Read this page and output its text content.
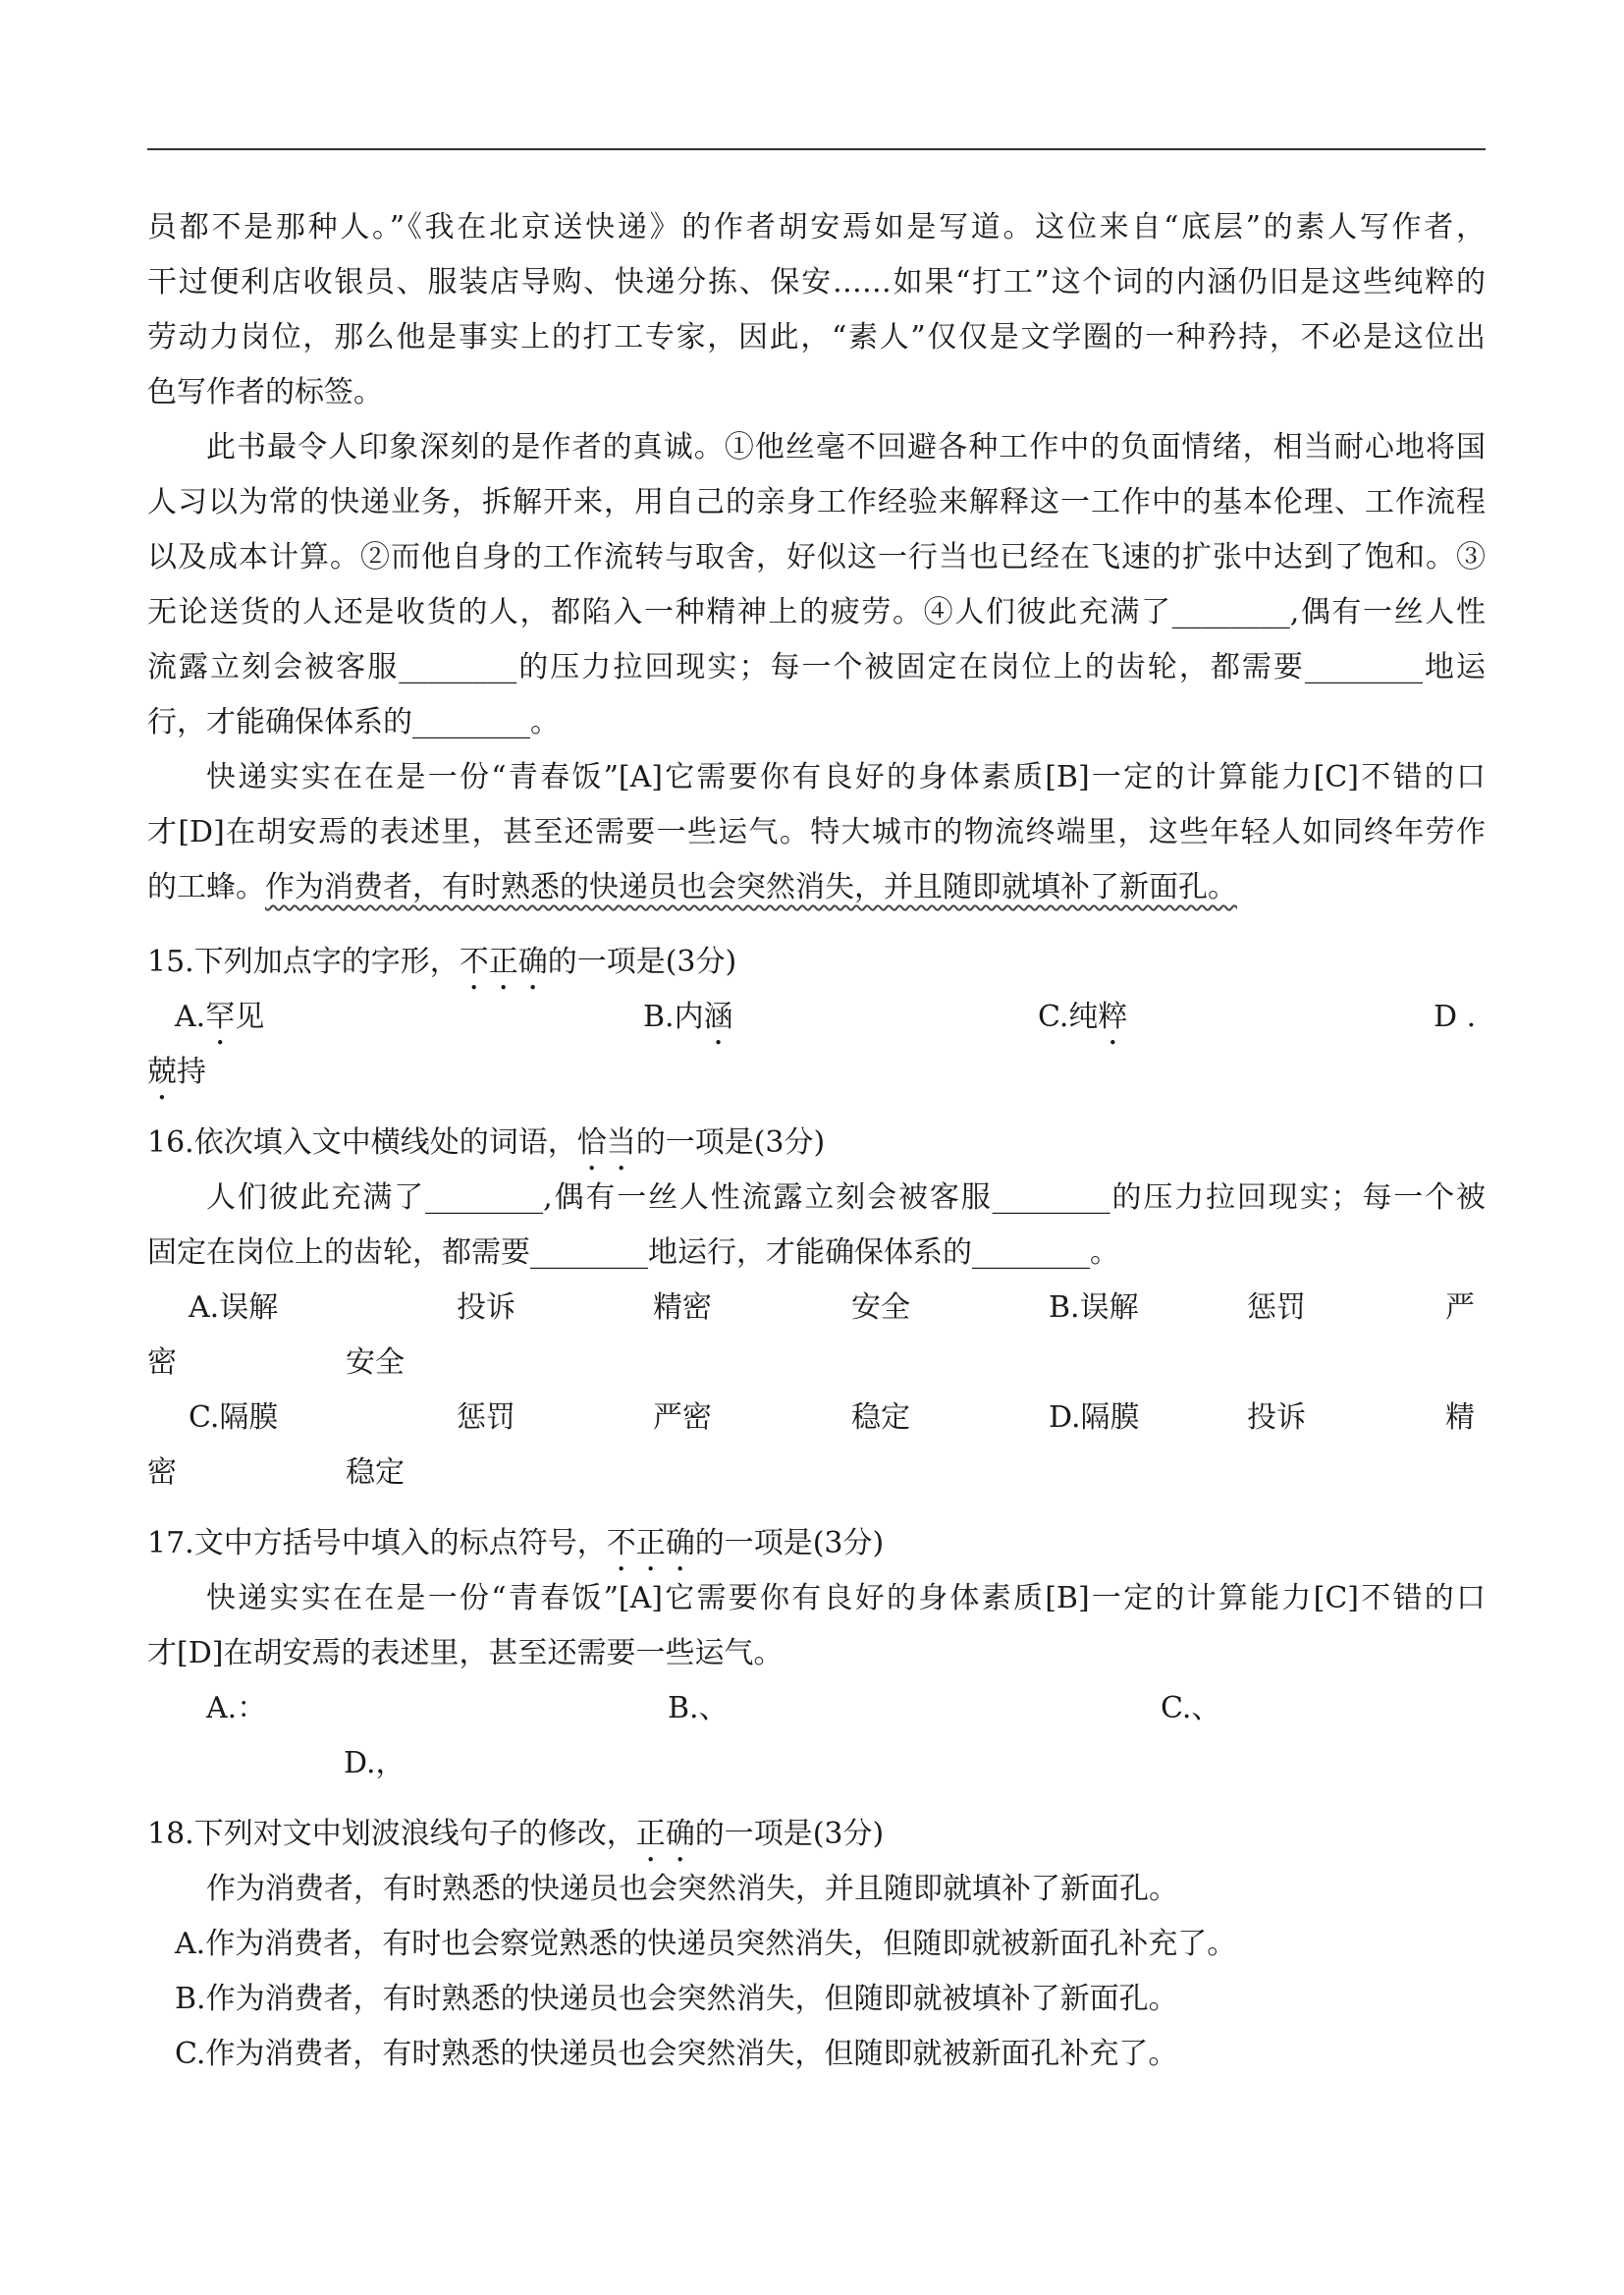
员都不是那种人。”《我在北京送快递》的作者胡安焉如是写道。这位来自“底层”的素人写作者，
干过便利店收银员、服装店导购、快递分拣、保安……如果“打工”这个词的内涵仍旧是这些纯粹的
劳动力岗位，那么他是事实上的打工专家，因此，“素人”仅仅是文学圈的一种矜持，不必是这位出
色写作者的标签。
此书最令人印象深刻的是作者的真诚。①他丝毫不回避各种工作中的负面情绪，相当耐心地将国
人习以为常的快递业务，拆解开来，用自己的亲身工作经验来解释这一工作中的基本伦理、工作流程
以及成本计算。②而他自身的工作流转与取舍，好似这一行当也已经在飞速的扩张中达到了饱和。③
无论送货的人还是收货的人，都陷入一种精神上的疲劳。④人们彼此充满了________,偶有一丝人性
流露立刻会被客服________的压力拉回现实；每一个被固定在岗位上的齿轮，都需要________地运
行，才能确保体系的________。
快递实实在在是一份“青春饭”[A]它需要你有良好的身体素质[B]一定的计算能力[C]不错的口
才[D]在胡安焉的表述里，甚至还需要一些运气。特大城市的物流终端里，这些年轻人如同终年劳作
的工蜂。作为消费者，有时熟悉的快递员也会突然消失，并且随即就填补了新面孔。
15.下列加点字的字形，不正确的一项是(3分)
A.罕见	B.内涵	C.纯粹	D .
兢持
16.依次填入文中横线处的词语，恰当的一项是(3分)
人们彼此充满了________,偶有一丝人性流露立刻会被客服________的压力拉回现实；每一个被
固定在岗位上的齿轮，都需要________地运行，才能确保体系的________。
A.误解	投诉	精密	安全	B.误解	惩罚	严
密	安全
C.隔膜	惩罚	严密	稳定	D.隔膜	投诉	精
密	稳定
17.文中方括号中填入的标点符号，不正确的一项是(3分)
快递实实在在是一份“青春饭”[A]它需要你有良好的身体素质[B]一定的计算能力[C]不错的口
才[D]在胡安焉的表述里，甚至还需要一些运气。
A.：	B.、	C.、
D.，
18.下列对文中划波浪线句子的修改，正确的一项是(3分)
作为消费者，有时熟悉的快递员也会突然消失，并且随即就填补了新面孔。
A.作为消费者，有时也会察觉熟悉的快递员突然消失，但随即就被新面孔补充了。
B.作为消费者，有时熟悉的快递员也会突然消失，但随即就被填补了新面孔。
C.作为消费者，有时熟悉的快递员也会突然消失，但随即就被新面孔补充了。
